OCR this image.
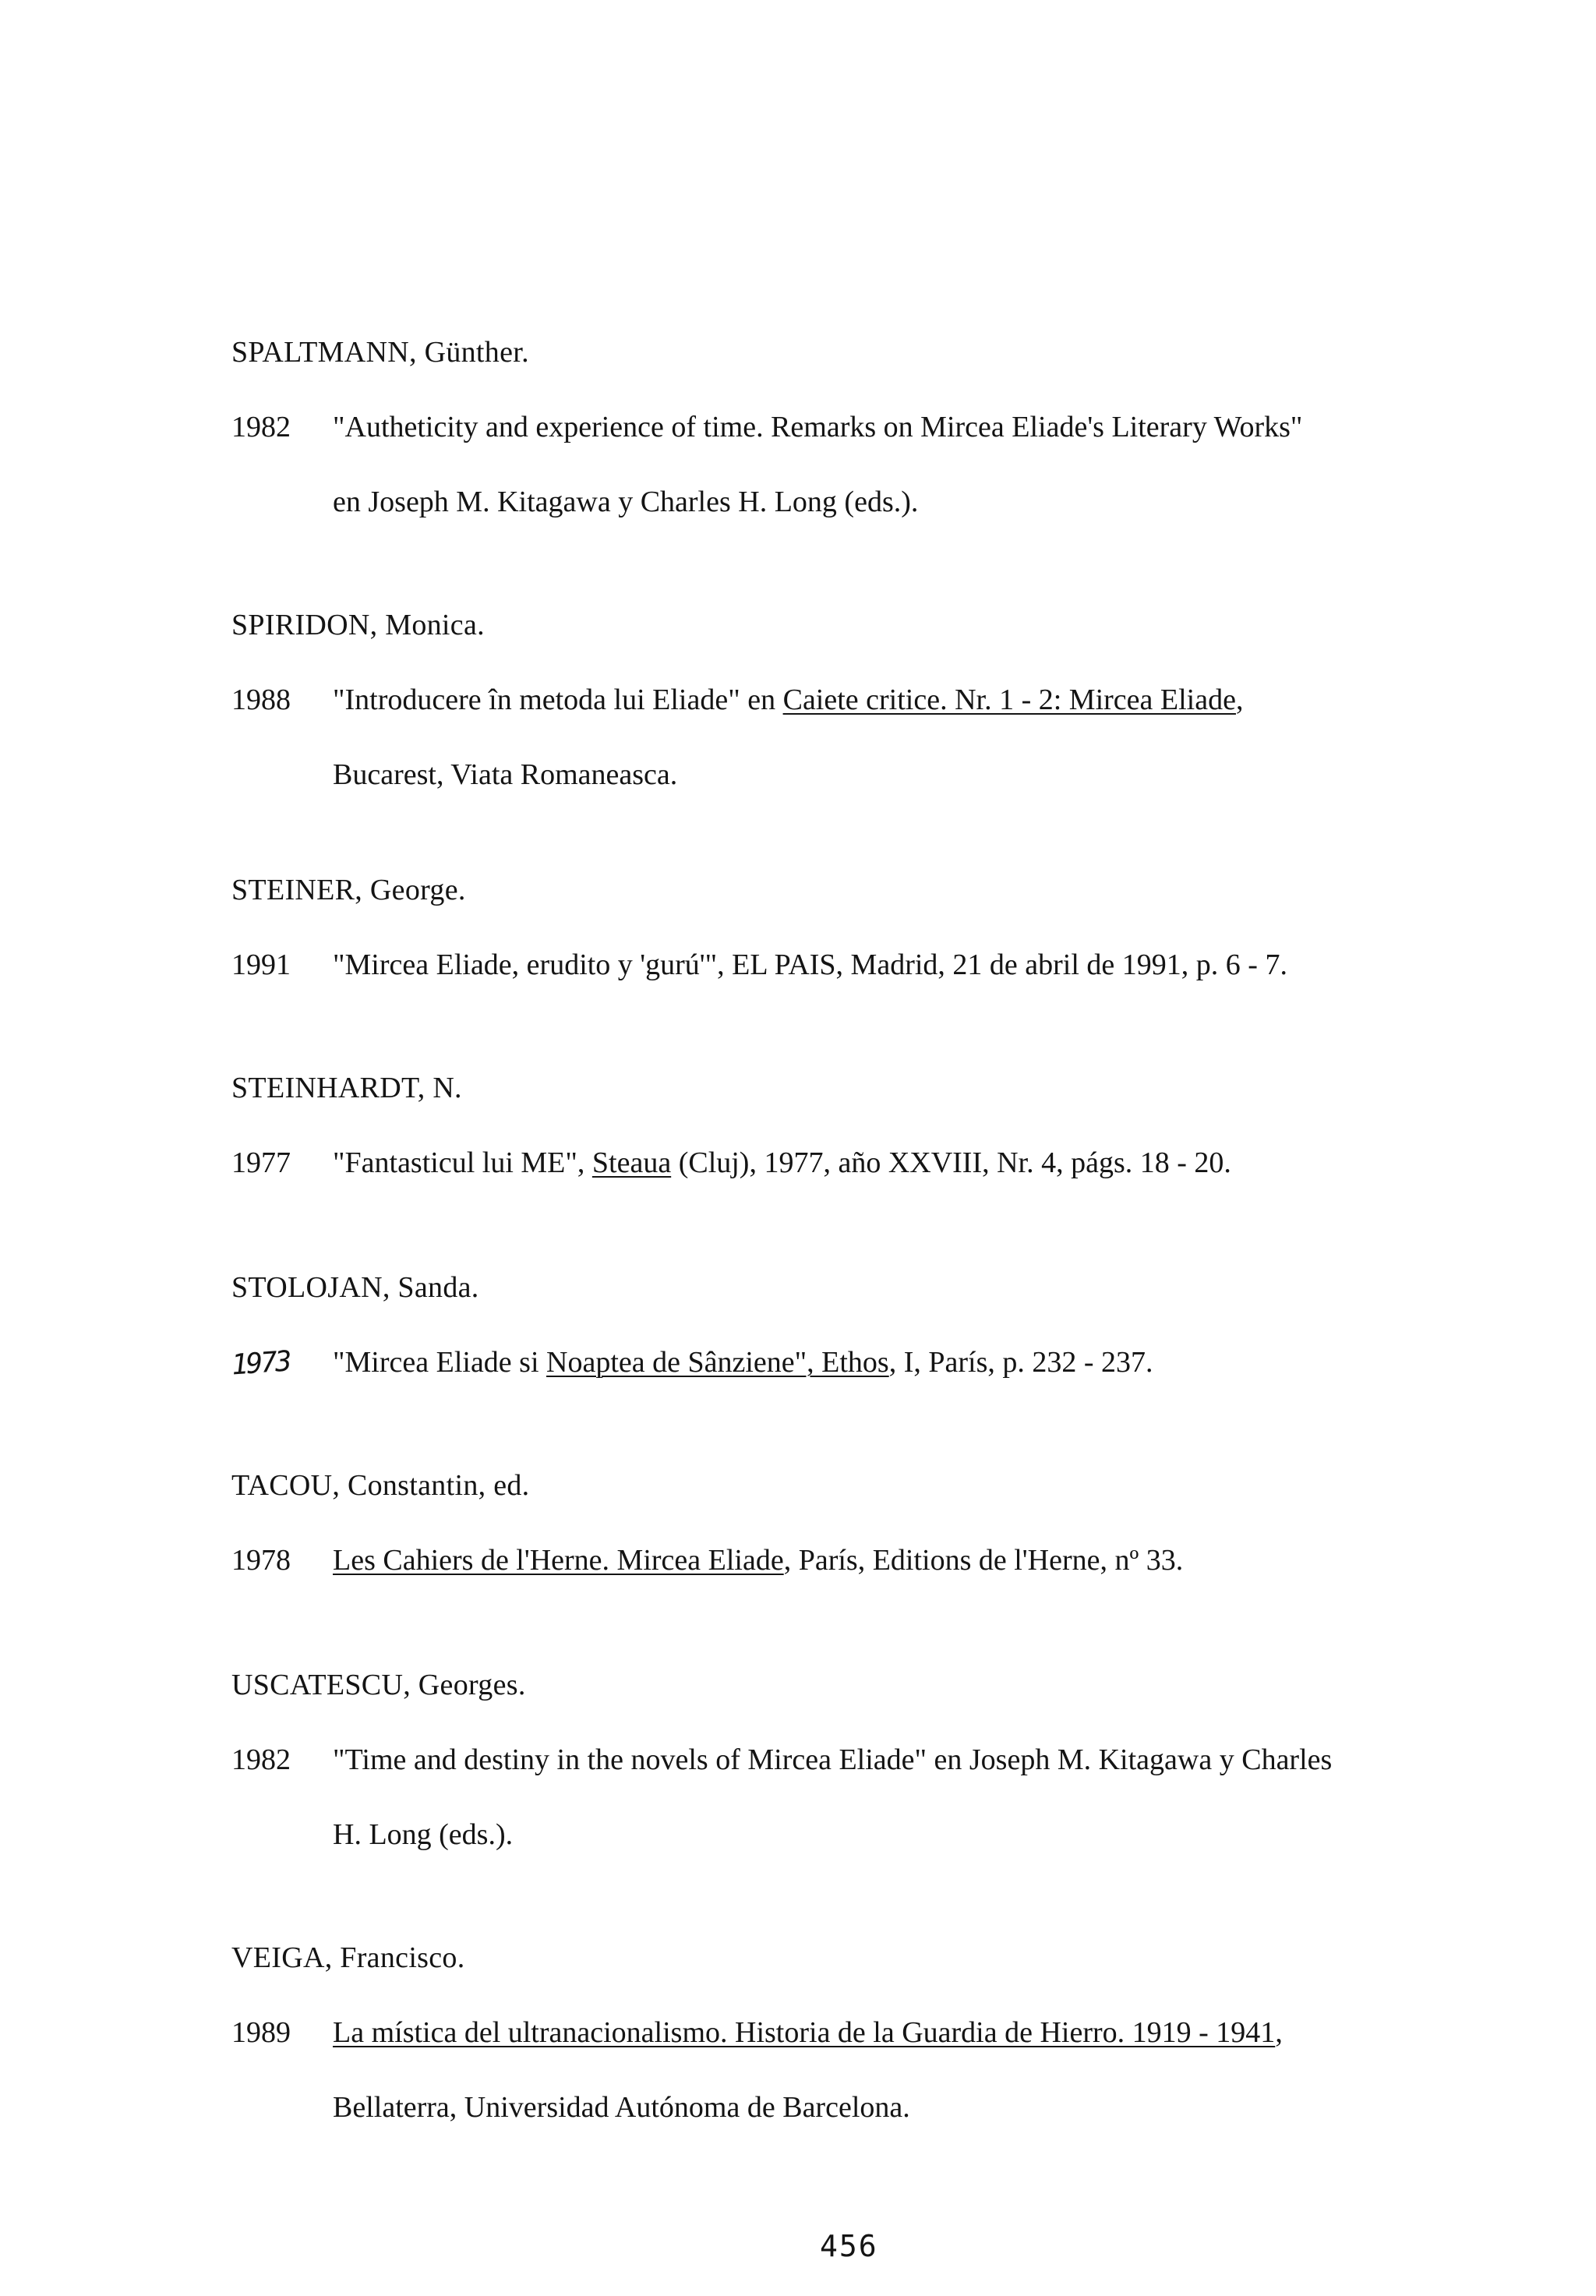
SPALTMANN, Günther.
1982	"Autheticity and experience of time. Remarks on Mircea Eliade's Literary Works"

en Joseph M. Kitagawa y Charles H. Long (eds.).

SPIRIDON, Monica.
1988	"Introducere în metoda lui Eliade" en Caiete critice. Nr. 1 - 2: Mircea Eliade,

Bucarest, Viata Romaneasca.

STEINER, George.
1991	"Mircea Eliade, erudito y 'gurú'", EL PAIS, Madrid, 21 de abril de 1991, p. 6 - 7.

STEINHARDT, N.
1977	"Fantasticul lui ME", Steaua (Cluj), 1977, año XXVIII, Nr. 4, págs. 18 - 20.

STOLOJAN, Sanda.
1973	"Mircea Eliade si Noaptea de Sânziene", Ethos, I, París, p. 232 - 237.

TACOU, Constantin, ed.
1978	Les Cahiers de l'Herne. Mircea Eliade, París, Editions de l'Herne, nº 33.

USCATESCU, Georges.
1982	"Time and destiny in the novels of Mircea Eliade" en Joseph M. Kitagawa y Charles

H. Long (eds.).

VEIGA, Francisco.
1989	La mística del ultranacionalismo. Historia de la Guardia de Hierro. 1919 - 1941,

Bellaterra, Universidad Autónoma de Barcelona.

456
